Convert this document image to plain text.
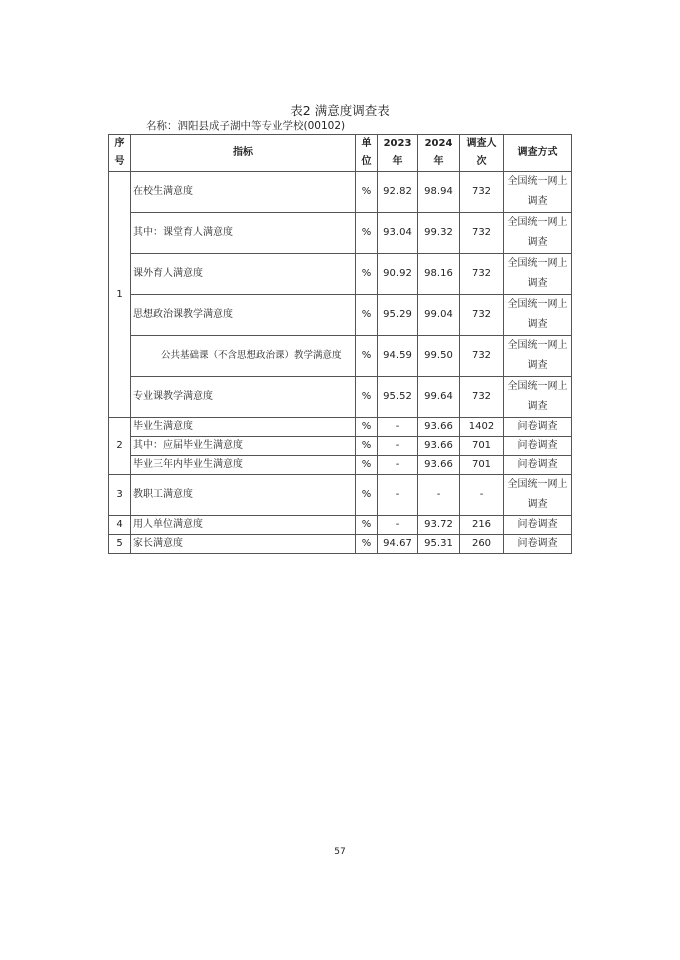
表2 满意度调查表
名称：泗阳县成子湖中等专业学校(00102)
序号	指标	单位	2023年	2024年	调查人次	调查方式
1	在校生满意度	%	92.82	98.94	732	全国统一网上调查
	其中：课堂育人满意度	%	93.04	99.32	732	全国统一网上调查
	课外育人满意度	%	90.92	98.16	732	全国统一网上调查
	思想政治课教学满意度	%	95.29	99.04	732	全国统一网上调查
	公共基础课（不含思想政治课）教学满意度	%	94.59	99.50	732	全国统一网上调查
	专业课教学满意度	%	95.52	99.64	732	全国统一网上调查
2	毕业生满意度	%	-	93.66	1402	问卷调查
	其中：应届毕业生满意度	%	-	93.66	701	问卷调查
	毕业三年内毕业生满意度	%	-	93.66	701	问卷调查
3	教职工满意度	%	-	-	-	全国统一网上调查
4	用人单位满意度	%	-	93.72	216	问卷调查
5	家长满意度	%	94.67	95.31	260	问卷调查
57
